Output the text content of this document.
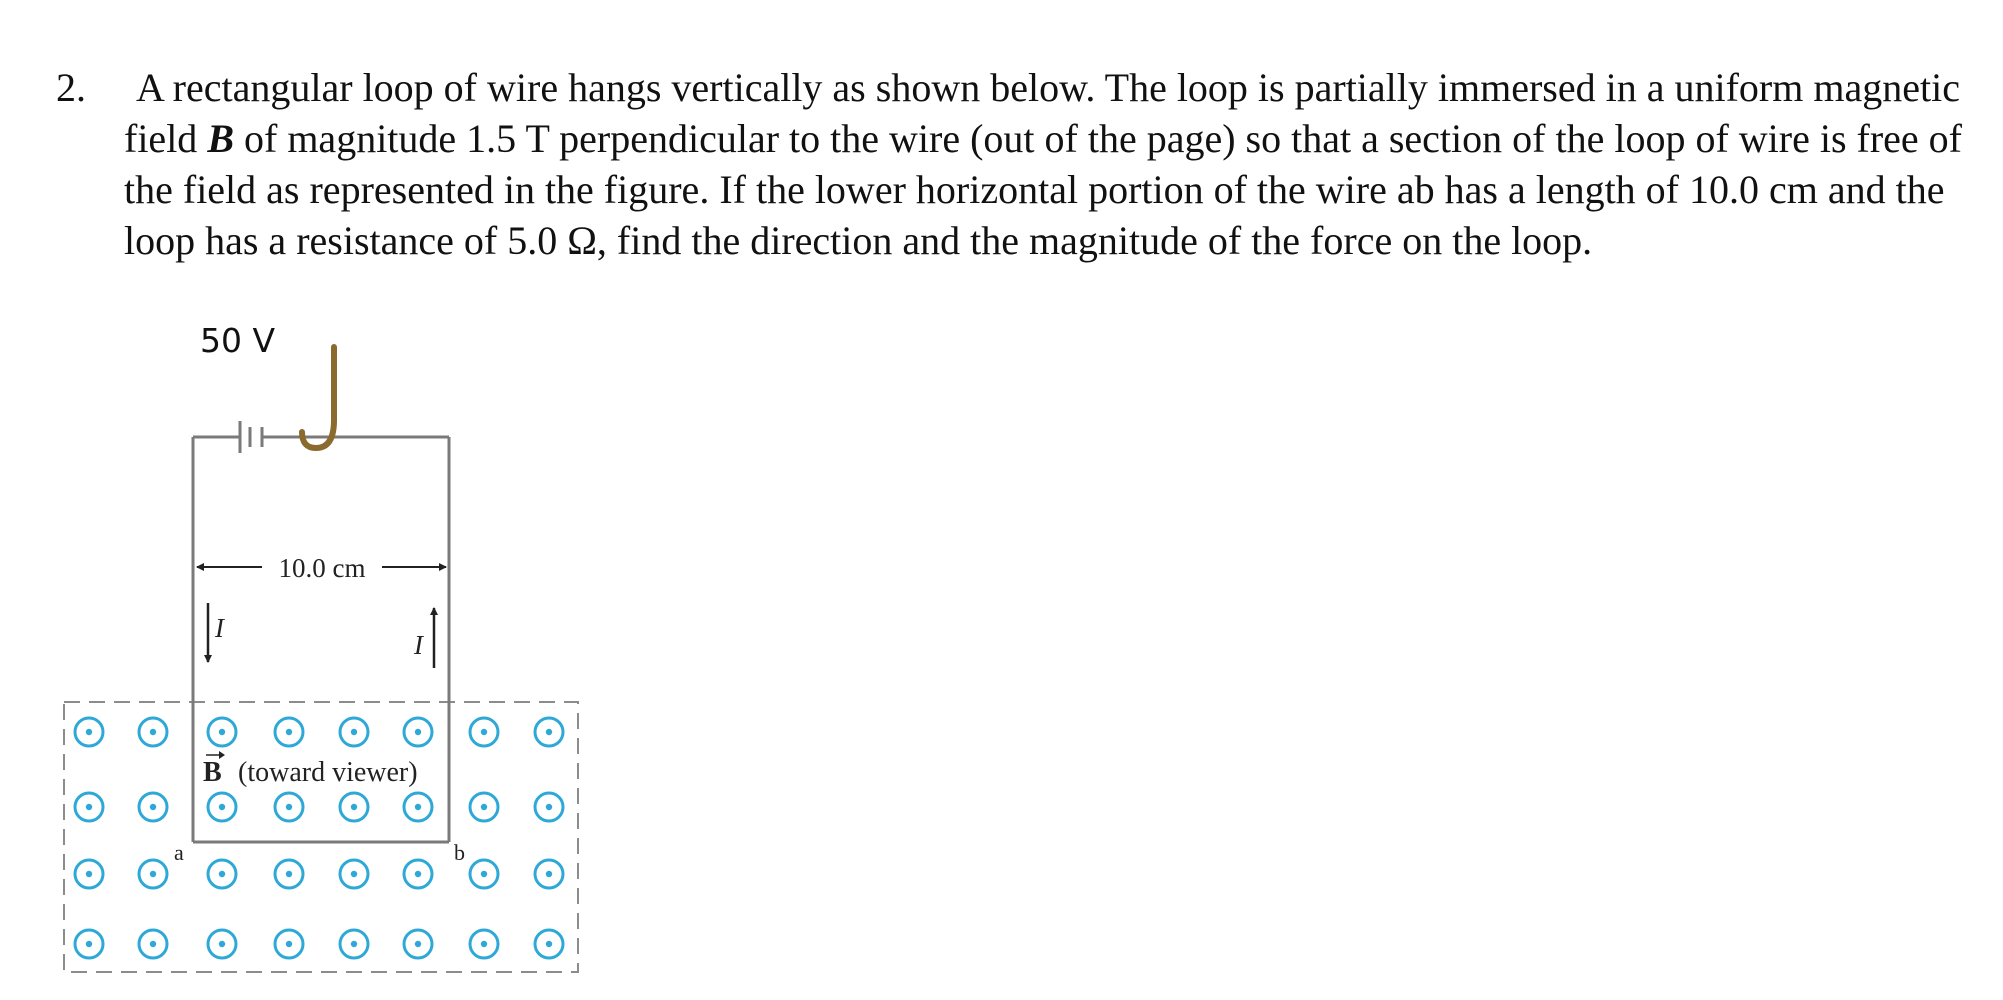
2.	A rectangular loop of wire hangs vertically as shown below. The loop is partially immersed in a uniform magnetic field B of magnitude 1.5 T perpendicular to the wire (out of the page) so that a section of the loop of wire is free of the field as represented in the figure. If the lower horizontal portion of the wire ab has a length of 10.0 cm and the loop has a resistance of 5.0 Ω, find the direction and the magnitude of the force on the loop.
50 V
10.0 cm
I
I
B (toward viewer)
a	b
